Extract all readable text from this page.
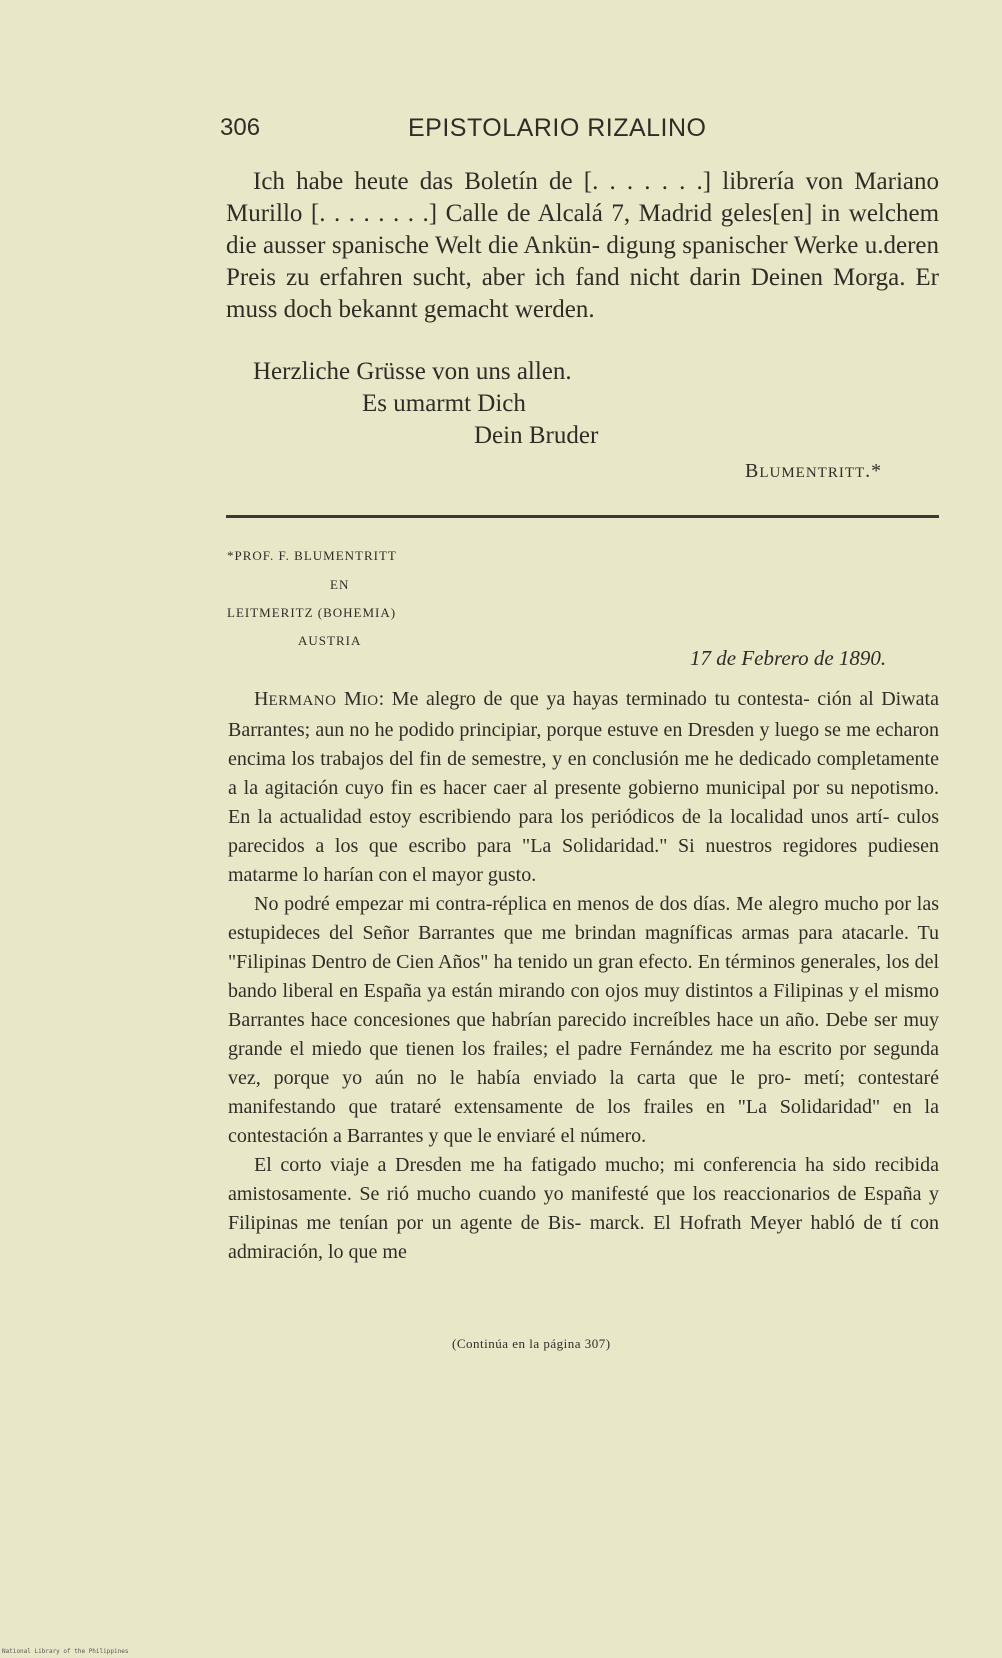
306	EPISTOLARIO RIZALINO

Ich habe heute das Boletín de [. . . . . . .] librería von Mariano Murillo [. . . . . . . .] Calle de Alcalá 7, Madrid geles[en] in welchem die ausser spanische Welt die Ankün- digung spanischer Werke u.deren Preis zu erfahren sucht, aber ich fand nicht darin Deinen Morga. Er muss doch bekannt gemacht werden.

Herzliche Grüsse von uns allen.
Es umarmt Dich
Dein Bruder
BLUMENTRITT.*
*PROF. F. BLUMENTRITT
EN
LEITMERITZ (BOHEMIA)
AUSTRIA
17 de Febrero de 1890.

HERMANO MIO: Me alegro de que ya hayas terminado tu contesta- ción al Diwata Barrantes; aun no he podido principiar, porque estuve en Dresden y luego se me echaron encima los trabajos del fin de semestre, y en conclusión me he dedicado completamente a la agitación cuyo fin es hacer caer al presente gobierno municipal por su nepotismo. En la actualidad estoy escribiendo para los periódicos de la localidad unos artí- culos parecidos a los que escribo para "La Solidaridad." Si nuestros regidores pudiesen matarme lo harían con el mayor gusto.

No podré empezar mi contra-réplica en menos de dos días. Me alegro mucho por las estupideces del Señor Barrantes que me brindan magníficas armas para atacarle. Tu "Filipinas Dentro de Cien Años" ha tenido un gran efecto. En términos generales, los del bando liberal en España ya están mirando con ojos muy distintos a Filipinas y el mismo Barrantes hace concesiones que habrían parecido increíbles hace un año. Debe ser muy grande el miedo que tienen los frailes; el padre Fernández me ha escrito por segunda vez, porque yo aún no le había enviado la carta que le pro- metí; contestaré manifestando que trataré extensamente de los frailes en "La Solidaridad" en la contestación a Barrantes y que le enviaré el número.

El corto viaje a Dresden me ha fatigado mucho; mi conferencia ha sido recibida amistosamente. Se rió mucho cuando yo manifesté que los reaccionarios de España y Filipinas me tenían por un agente de Bis- marck. El Hofrath Meyer habló de tí con admiración, lo que me

(Continúa en la página 307)
National Library of the Philippines
